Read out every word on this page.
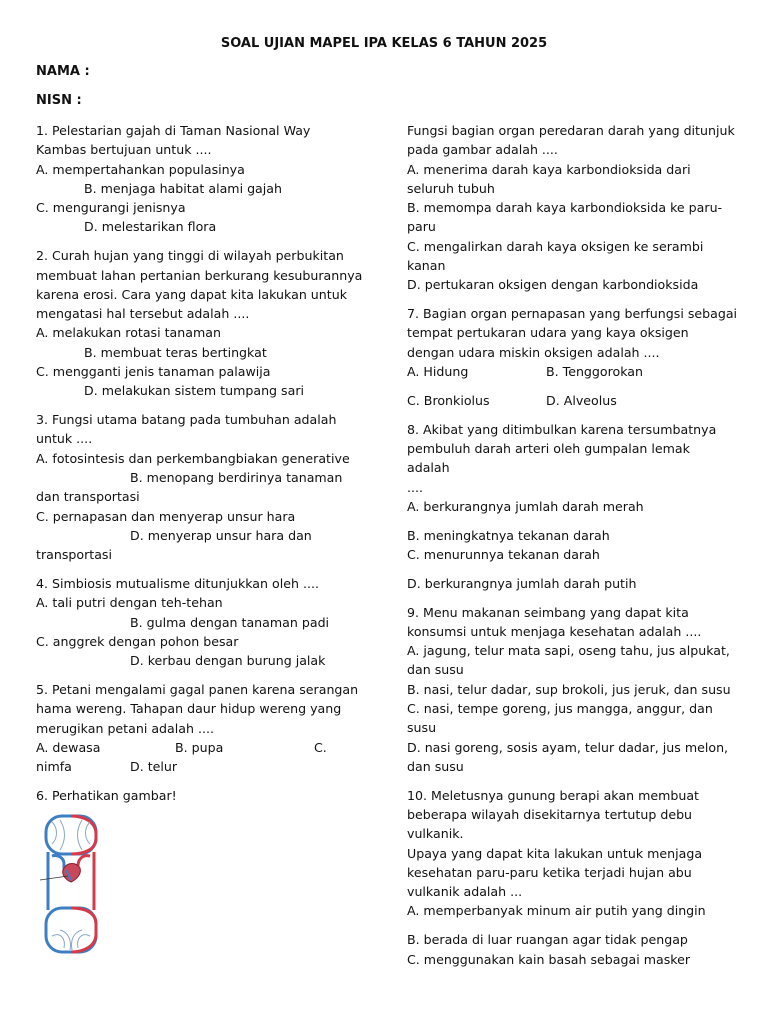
SOAL UJIAN MAPEL IPA KELAS 6 TAHUN 2025
NAMA :
NISN :
1. Pelestarian gajah di Taman Nasional Way
Kambas bertujuan untuk ....
A. mempertahankan populasinya
B. menjaga habitat alami gajah
C. mengurangi jenisnya
D. melestarikan flora
2. Curah hujan yang tinggi di wilayah perbukitan
membuat lahan pertanian berkurang kesuburannya
karena erosi. Cara yang dapat kita lakukan untuk
mengatasi hal tersebut adalah ....
A. melakukan rotasi tanaman
B. membuat teras bertingkat
C. mengganti jenis tanaman palawija
D. melakukan sistem tumpang sari
3. Fungsi utama batang pada tumbuhan adalah
untuk ....
A. fotosintesis dan perkembangbiakan generative
B. menopang berdirinya tanaman
dan transportasi
C. pernapasan dan menyerap unsur hara
D. menyerap unsur hara dan
transportasi
4. Simbiosis mutualisme ditunjukkan oleh ....
A. tali putri dengan teh-tehan
B. gulma dengan tanaman padi
C. anggrek dengan pohon besar
D. kerbau dengan burung jalak
5. Petani mengalami gagal panen karena serangan
hama wereng. Tahapan daur hidup wereng yang
merugikan petani adalah ....
A. dewasa	B. pupa	C.
nimfa	D. telur
6. Perhatikan gambar!
Fungsi bagian organ peredaran darah yang ditunjuk
pada gambar adalah ....
A. menerima darah kaya karbondioksida dari
seluruh tubuh
B. memompa darah kaya karbondioksida ke paru-
paru
C. mengalirkan darah kaya oksigen ke serambi
kanan
D. pertukaran oksigen dengan karbondioksida
7. Bagian organ pernapasan yang berfungsi sebagai
tempat pertukaran udara yang kaya oksigen
dengan udara miskin oksigen adalah ....
A. Hidung	B. Tenggorokan
C. Bronkiolus	D. Alveolus
8. Akibat yang ditimbulkan karena tersumbatnya
pembuluh darah arteri oleh gumpalan lemak
adalah
....
A. berkurangnya jumlah darah merah
B. meningkatnya tekanan darah
C. menurunnya tekanan darah
D. berkurangnya jumlah darah putih
9. Menu makanan seimbang yang dapat kita
konsumsi untuk menjaga kesehatan adalah ....
A. jagung, telur mata sapi, oseng tahu, jus alpukat,
dan susu
B. nasi, telur dadar, sup brokoli, jus jeruk, dan susu
C. nasi, tempe goreng, jus mangga, anggur, dan
susu
D. nasi goreng, sosis ayam, telur dadar, jus melon,
dan susu
10. Meletusnya gunung berapi akan membuat
beberapa wilayah disekitarnya tertutup debu
vulkanik.
Upaya yang dapat kita lakukan untuk menjaga
kesehatan paru-paru ketika terjadi hujan abu
vulkanik adalah ...
A. memperbanyak minum air putih yang dingin
B. berada di luar ruangan agar tidak pengap
C. menggunakan kain basah sebagai masker
